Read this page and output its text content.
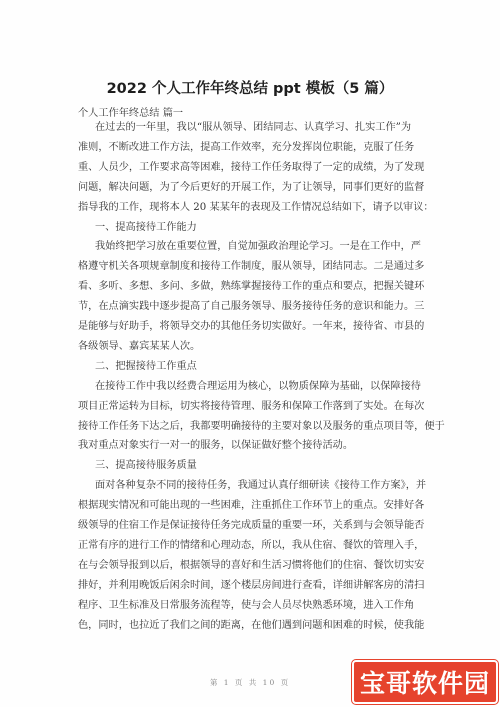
2022 个人工作年终总结 ppt 模板（5 篇）
个人工作年终总结 篇一
在过去的一年里，我以“服从领导、团结同志、认真学习、扎实工作”为
准则，不断改进工作方法，提高工作效率，充分发挥岗位职能，克服了任务
重、人员少，工作要求高等困难，接待工作任务取得了一定的成绩，为了发现
问题，解决问题，为了今后更好的开展工作，为了让领导，同事们更好的监督
指导我的工作，现将本人 20 某某年的表现及工作情况总结如下，请予以审议：
一、提高接待工作能力
我始终把学习放在重要位置，自觉加强政治理论学习。一是在工作中，严
格遵守机关各项规章制度和接待工作制度，服从领导，团结同志。二是通过多
看、多听、多想、多问、多做，熟练掌握接待工作的重点和要点，把握关键环
节，在点滴实践中逐步提高了自己服务领导、服务接待任务的意识和能力。三
是能够与好助手，将领导交办的其他任务切实做好。一年来，接待省、市县的
各级领导、嘉宾某某人次。
二、把握接待工作重点
在接待工作中我以经费合理运用为核心，以物质保障为基础，以保障接待
项目正常运转为目标，切实将接待管理、服务和保障工作落到了实处。在每次
接待工作任务下达之后，我都要明确接待的主要对象以及服务的重点项目等，便于
我对重点对象实行一对一的服务，以保证做好整个接待活动。
三、提高接待服务质量
面对各种复杂不同的接待任务，我通过认真仔细研读《接待工作方案》，并
根据现实情况和可能出现的一些困难，注重抓住工作环节上的重点。安排好各
级领导的住宿工作是保证接待任务完成质量的重要一环，关系到与会领导能否
正常有序的进行工作的情绪和心理动态，所以，我从住宿、餐饮的管理入手，
在与会领导报到以后，根据领导的喜好和生活习惯将他们的住宿、餐饮切实安
排好，并利用晚饭后闲余时间，逐个楼层房间进行查看，详细讲解客房的清扫
程序、卫生标准及日常服务流程等，使与会人员尽快熟悉环境，进入工作角
色，同时，也拉近了我们之间的距离，在他们遇到问题和困难的时候，使我能
第 1 页 共 10 页	宝哥软件园
